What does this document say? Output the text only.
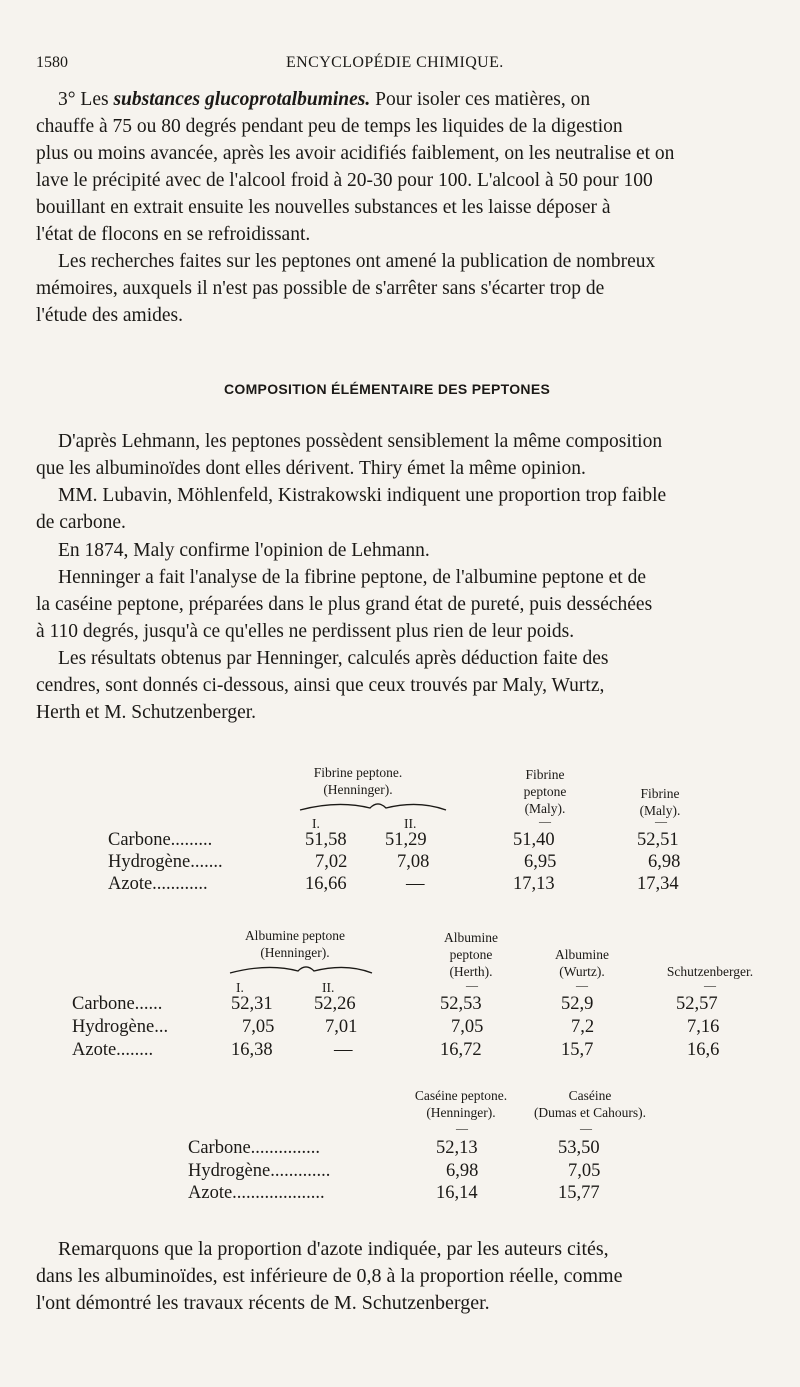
1580	ENCYCLOPÉDIE CHIMIQUE.
3° Les substances glucoprotalbumines. Pour isoler ces matières, on
chauffe à 75 ou 80 degrés pendant peu de temps les liquides de la digestion
plus ou moins avancée, après les avoir acidifiés faiblement, on les neutralise et on
lave le précipité avec de l'alcool froid à 20-30 pour 100. L'alcool à 50 pour 100
bouillant en extrait ensuite les nouvelles substances et les laisse déposer à
l'état de flocons en se refroidissant.
Les recherches faites sur les peptones ont amené la publication de nombreux
mémoires, auxquels il n'est pas possible de s'arrêter sans s'écarter trop de
l'étude des amides.
COMPOSITION ÉLÉMENTAIRE DES PEPTONES
D'après Lehmann, les peptones possèdent sensiblement la même composition
que les albuminoïdes dont elles dérivent. Thiry émet la même opinion.
MM. Lubavin, Möhlenfeld, Kistrakowski indiquent une proportion trop faible
de carbone.
En 1874, Maly confirme l'opinion de Lehmann.
Henninger a fait l'analyse de la fibrine peptone, de l'albumine peptone et de
la caséine peptone, préparées dans le plus grand état de pureté, puis desséchées
à 110 degrés, jusqu'à ce qu'elles ne perdissent plus rien de leur poids.
Les résultats obtenus par Henninger, calculés après déduction faite des
cendres, sont donnés ci-dessous, ainsi que ceux trouvés par Maly, Wurtz,
Herth et M. Schutzenberger.
Fibrine peptone.
(Henninger).
I.	II.
Fibrine
peptone
(Maly).
Fibrine
(Maly).
—	—
Carbone.........	51,58 51,29	51,40	52,51
Hydrogène.......	7,02	7,08	6,95	6,98
Azote............	16,66	—	17,13	17,34
Albumine peptone
(Henninger).
I.	II.
Albumine
peptone
(Herth).
Albumine
(Wurtz).	Schutzenberger.
—	—	—
Carbone......	52,31 52,26	52,53	52,9	52,57
Hydrogène...	7,05	7,01	7,05	7,2	7,16
Azote........	16,38	—	16,72	15,7	16,6
Caséine peptone.
(Henninger).
Caséine
(Dumas et Cahours).
—	—
Carbone...............	52,13	53,50
Hydrogène.............	6,98	7,05
Azote....................	16,14	15,77
Remarquons que la proportion d'azote indiquée, par les auteurs cités,
dans les albuminoïdes, est inférieure de 0,8 à la proportion réelle, comme
l'ont démontré les travaux récents de M. Schutzenberger.
